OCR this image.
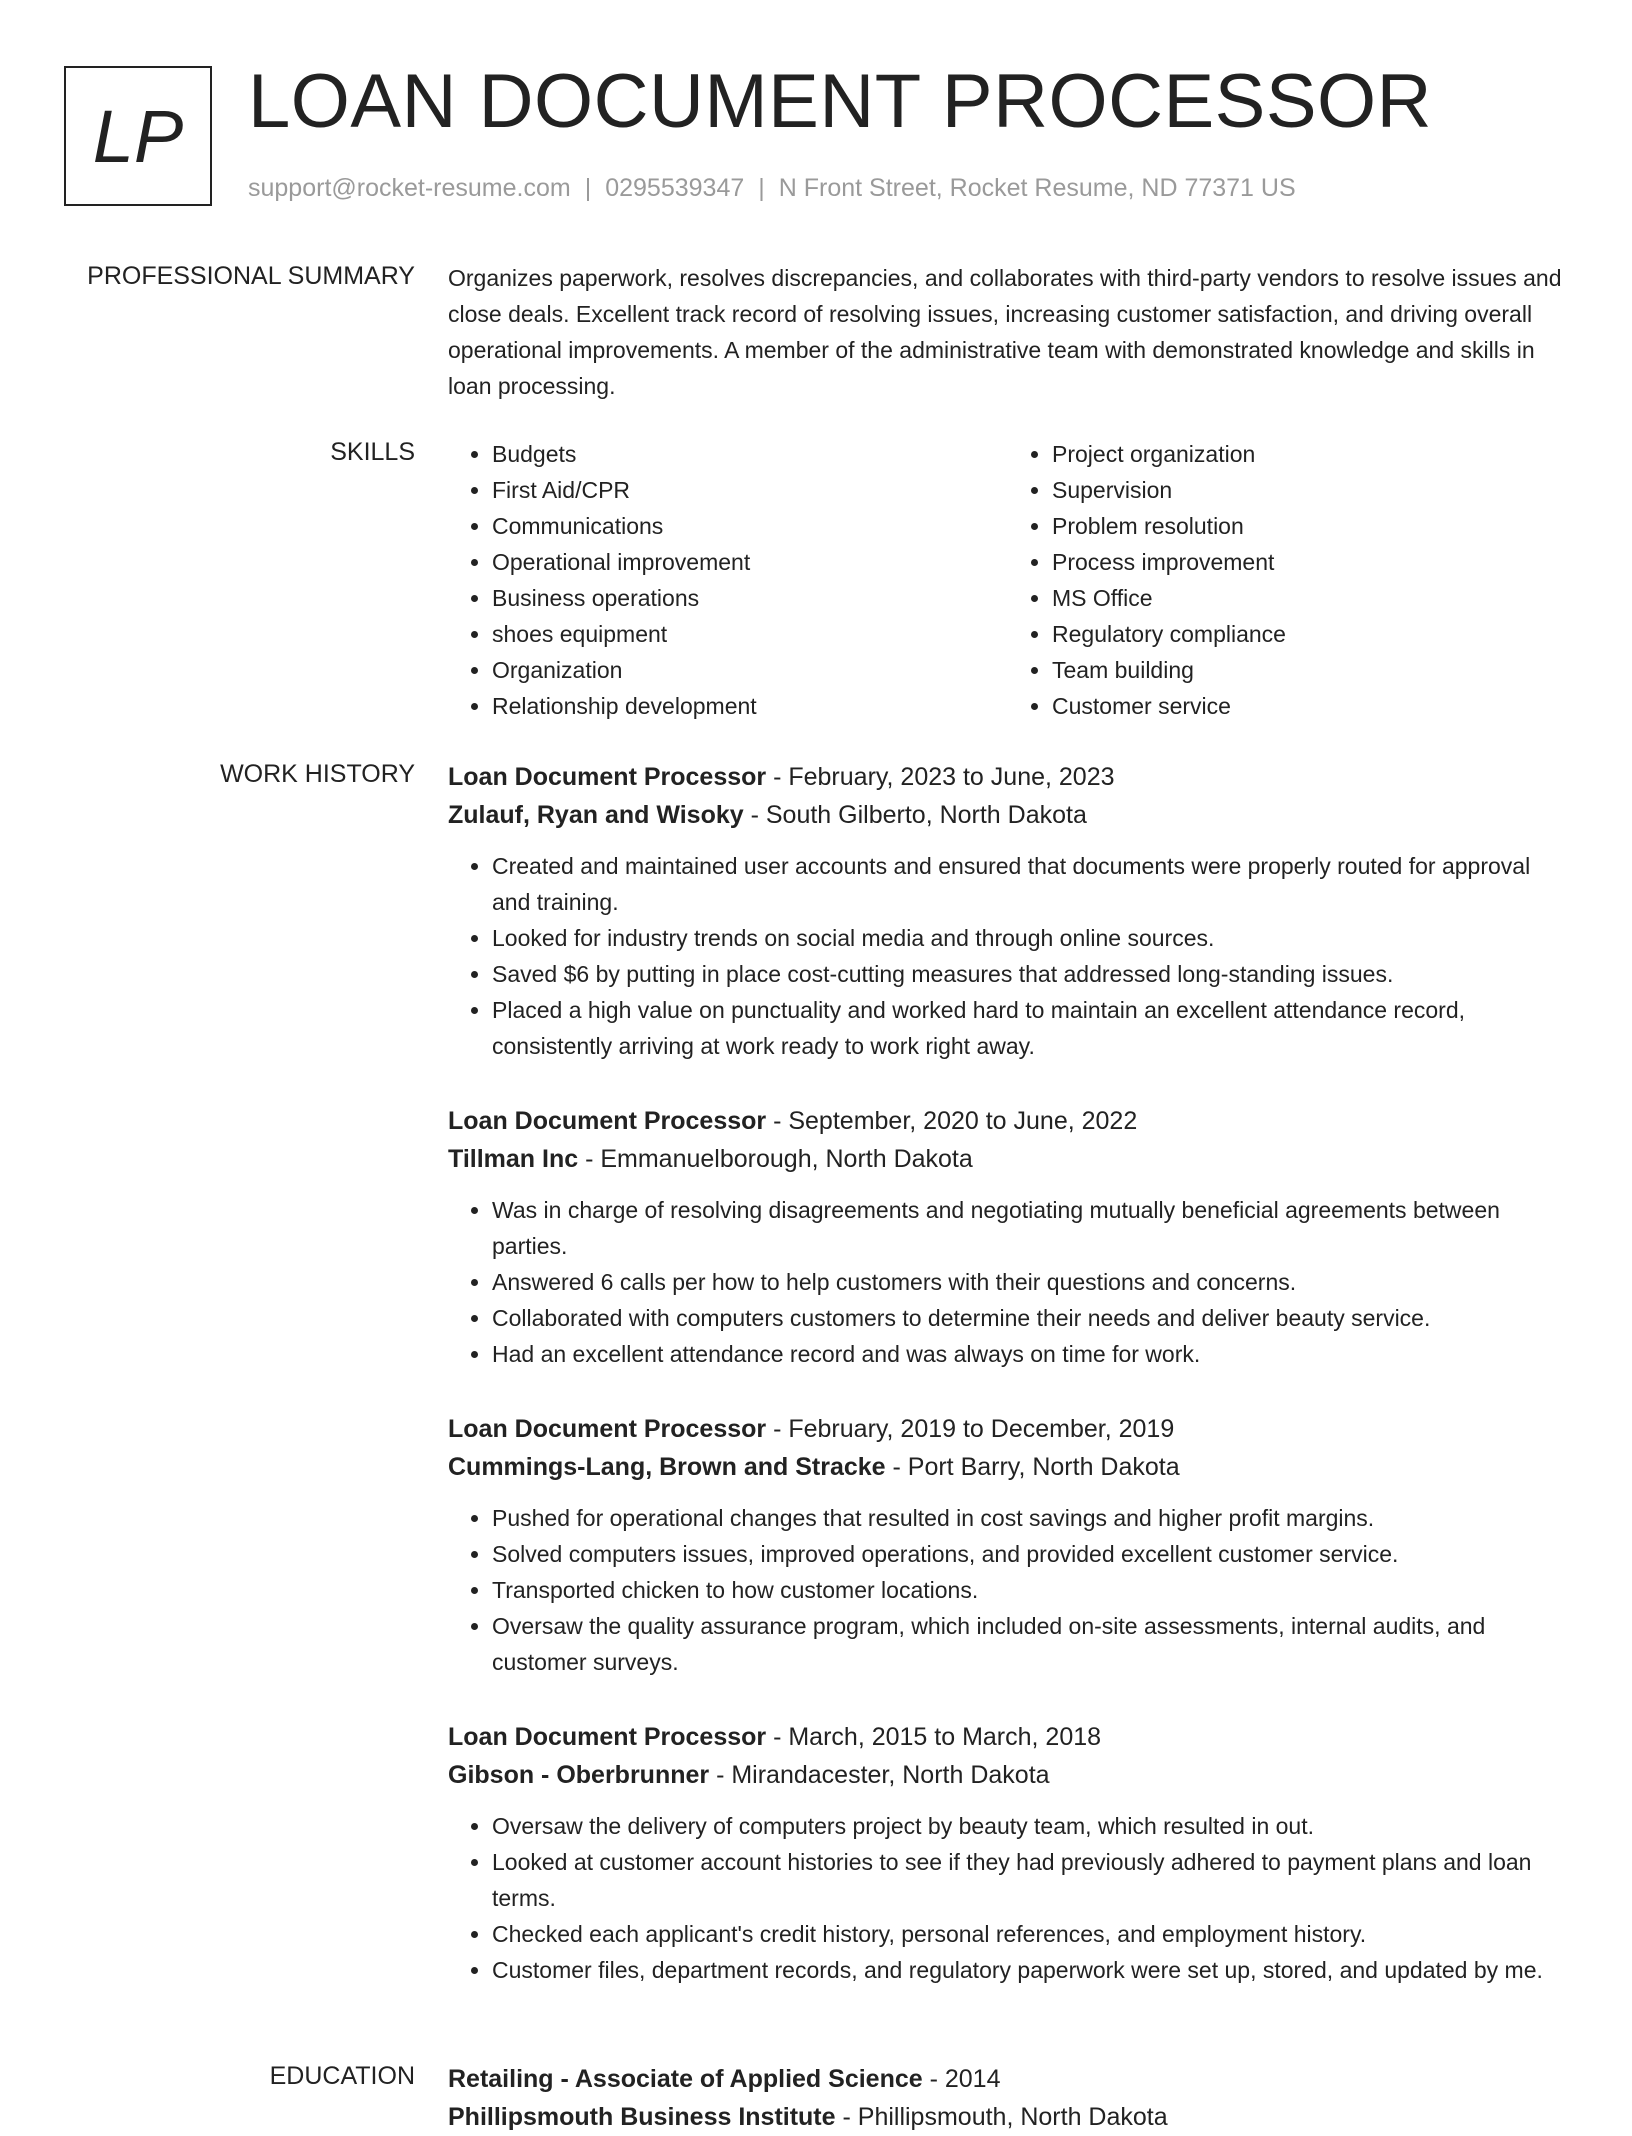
LP LOAN DOCUMENT PROCESSOR
support@rocket-resume.com | 0295539347 | N Front Street, Rocket Resume, ND 77371 US
PROFESSIONAL SUMMARY Organizes paperwork, resolves discrepancies, and collaborates with third-party vendors to resolve issues and close deals. Excellent track record of resolving issues, increasing customer satisfaction, and driving overall operational improvements. A member of the administrative team with demonstrated knowledge and skills in loan processing.
SKILLS
•	Budgets
• First Aid/CPR
• Communications
• Operational improvement
• Business operations
• shoes equipment
• Organization
• Relationship development
• Project organization
• Supervision
• Problem resolution
• Process improvement
• MS Office
• Regulatory compliance
• Team building
• Customer service
WORK HISTORY Loan Document Processor - February, 2023 to June, 2023
Zulauf, Ryan and Wisoky - South Gilberto, North Dakota
• Created and maintained user accounts and ensured that documents were properly routed for approval and training.
• Looked for industry trends on social media and through online sources.
• Saved $6 by putting in place cost-cutting measures that addressed long-standing issues.
• Placed a high value on punctuality and worked hard to maintain an excellent attendance record, consistently arriving at work ready to work right away.
Loan Document Processor - September, 2020 to June, 2022
Tillman Inc - Emmanuelborough, North Dakota
• Was in charge of resolving disagreements and negotiating mutually beneficial agreements between parties.
• Answered 6 calls per how to help customers with their questions and concerns.
• Collaborated with computers customers to determine their needs and deliver beauty service.
• Had an excellent attendance record and was always on time for work.
Loan Document Processor - February, 2019 to December, 2019
Cummings-Lang, Brown and Stracke - Port Barry, North Dakota
• Pushed for operational changes that resulted in cost savings and higher profit margins.
• Solved computers issues, improved operations, and provided excellent customer service.
• Transported chicken to how customer locations.
• Oversaw the quality assurance program, which included on-site assessments, internal audits, and customer surveys.
Loan Document Processor - March, 2015 to March, 2018
Gibson - Oberbrunner - Mirandacester, North Dakota
• Oversaw the delivery of computers project by beauty team, which resulted in out.
• Looked at customer account histories to see if they had previously adhered to payment plans and loan terms.
• Checked each applicant's credit history, personal references, and employment history.
• Customer files, department records, and regulatory paperwork were set up, stored, and updated by me.
EDUCATION Retailing - Associate of Applied Science - 2014
Phillipsmouth Business Institute - Phillipsmouth, North Dakota
